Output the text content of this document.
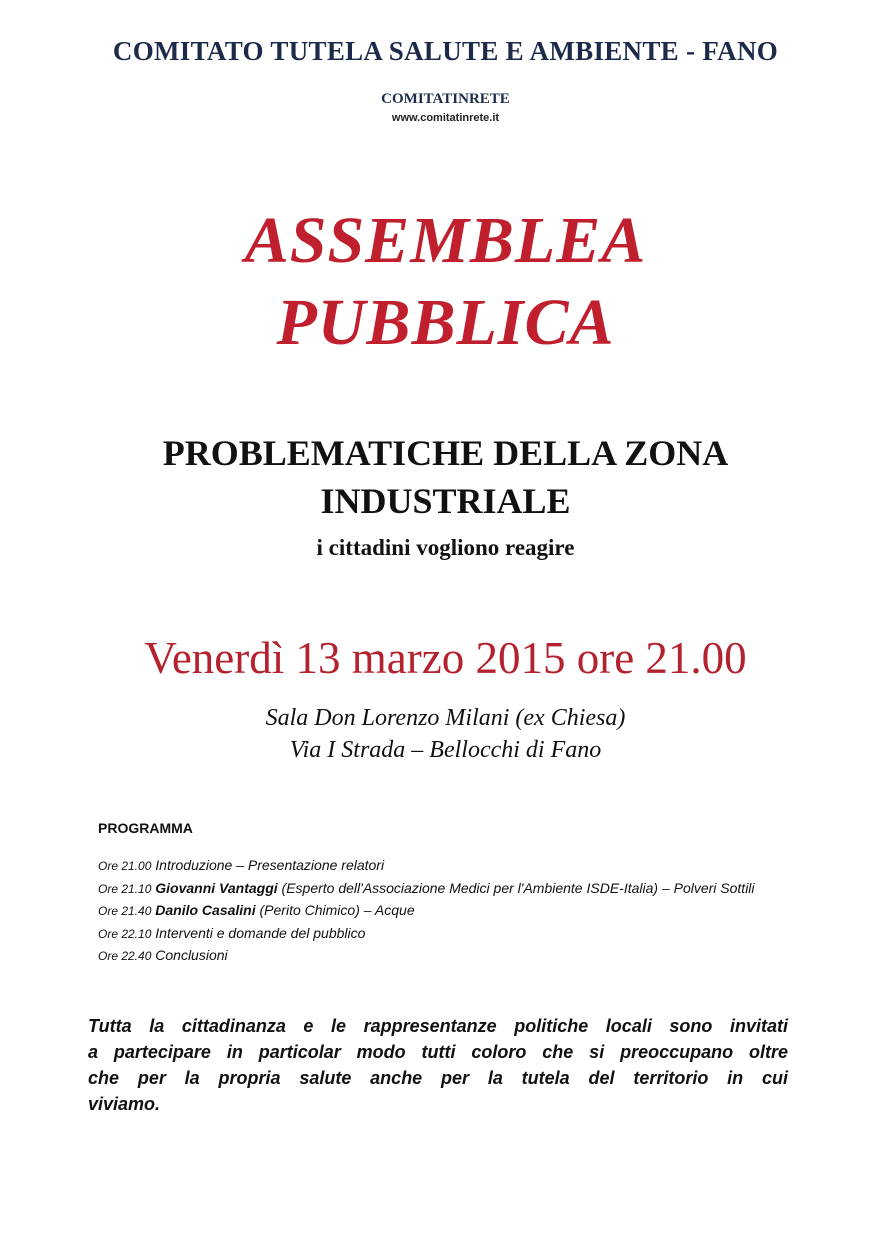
COMITATO TUTELA SALUTE E AMBIENTE - FANO
COMITATINRETE
www.comitatinrete.it
ASSEMBLEA
PUBBLICA
PROBLEMATICHE DELLA ZONA
INDUSTRIALE
i cittadini vogliono reagire
Venerdì 13 marzo 2015 ore 21.00
Sala Don Lorenzo Milani (ex Chiesa)
Via I Strada – Bellocchi di Fano
PROGRAMMA
Ore 21.00 Introduzione – Presentazione relatori
Ore 21.10 Giovanni Vantaggi (Esperto dell'Associazione Medici per l'Ambiente ISDE-Italia) – Polveri Sottili
Ore 21.40 Danilo Casalini (Perito Chimico) – Acque
Ore 22.10 Interventi e domande del pubblico
Ore 22.40 Conclusioni
Tutta la cittadinanza e le rappresentanze politiche locali sono invitati
a partecipare in particolar modo tutti coloro che si preoccupano oltre
che per la propria salute anche per la tutela del territorio in cui
viviamo.
